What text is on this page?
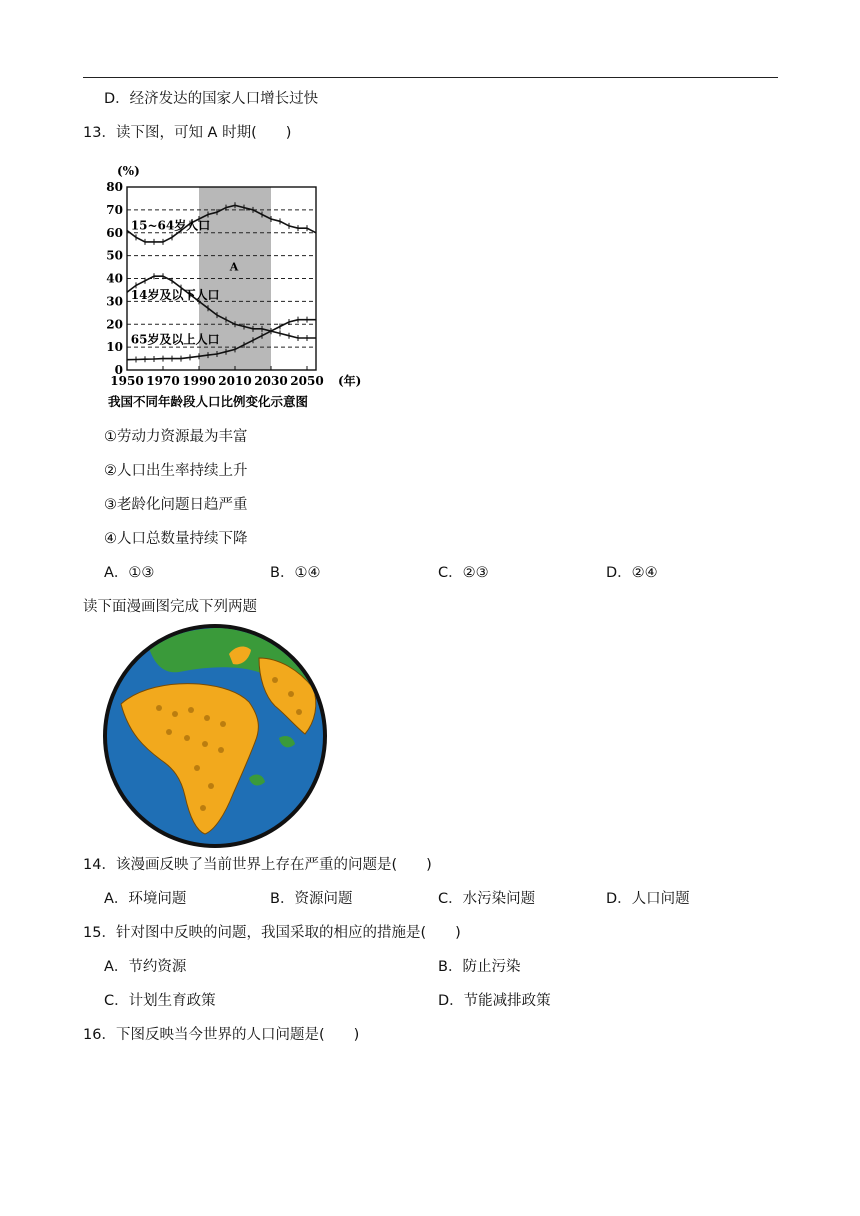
D．经济发达的国家人口增长过快
13．读下图，可知 A 时期(　　)
0
10
20
30
40
50
60
70
80
1950 1970 1990 2010 2030 2050 (年)
(%)
15~64岁人口
14岁及以下人口
65岁及以上人口
A
我国不同年龄段人口比例变化示意图
①劳动力资源最为丰富
②人口出生率持续上升
③老龄化问题日趋严重
④人口总数量持续下降
A．①③	B．①④	C．②③	D．②④
读下面漫画图完成下列两题
14．该漫画反映了当前世界上存在严重的问题是(　　)
A．环境问题	B．资源问题	C．水污染问题	D．人口问题
15．针对图中反映的问题，我国采取的相应的措施是(　　)
A．节约资源	B．防止污染
C．计划生育政策	D．节能减排政策
16．下图反映当今世界的人口问题是(　　)
